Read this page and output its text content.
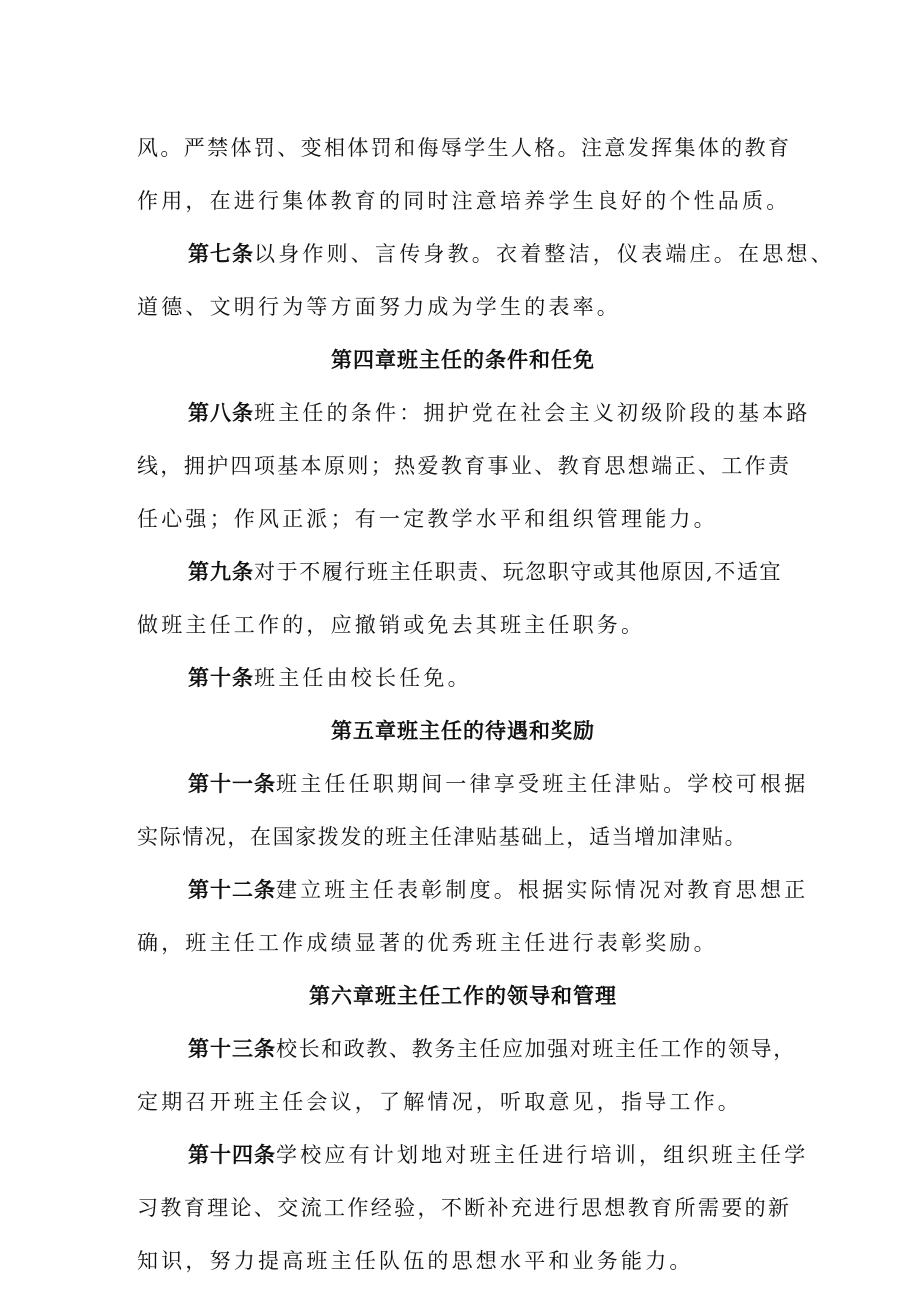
风。严禁体罚、变相体罚和侮辱学生人格。注意发挥集体的教育
作用，在进行集体教育的同时注意培养学生良好的个性品质。
第七条以身作则、言传身教。衣着整洁，仪表端庄。在思想、
道德、文明行为等方面努力成为学生的表率。
第四章班主任的条件和任免
第八条班主任的条件：拥护党在社会主义初级阶段的基本路
线，拥护四项基本原则；热爱教育事业、教育思想端正、工作责
任心强；作风正派；有一定教学水平和组织管理能力。
第九条对于不履行班主任职责、玩忽职守或其他原因,不适宜
做班主任工作的，应撤销或免去其班主任职务。
第十条班主任由校长任免。
第五章班主任的待遇和奖励
第十一条班主任任职期间一律享受班主任津贴。学校可根据
实际情况，在国家拨发的班主任津贴基础上，适当增加津贴。
第十二条建立班主任表彰制度。根据实际情况对教育思想正
确，班主任工作成绩显著的优秀班主任进行表彰奖励。
第六章班主任工作的领导和管理
第十三条校长和政教、教务主任应加强对班主任工作的领导，
定期召开班主任会议，了解情况，听取意见，指导工作。
第十四条学校应有计划地对班主任进行培训，组织班主任学
习教育理论、交流工作经验，不断补充进行思想教育所需要的新
知识，努力提高班主任队伍的思想水平和业务能力。
